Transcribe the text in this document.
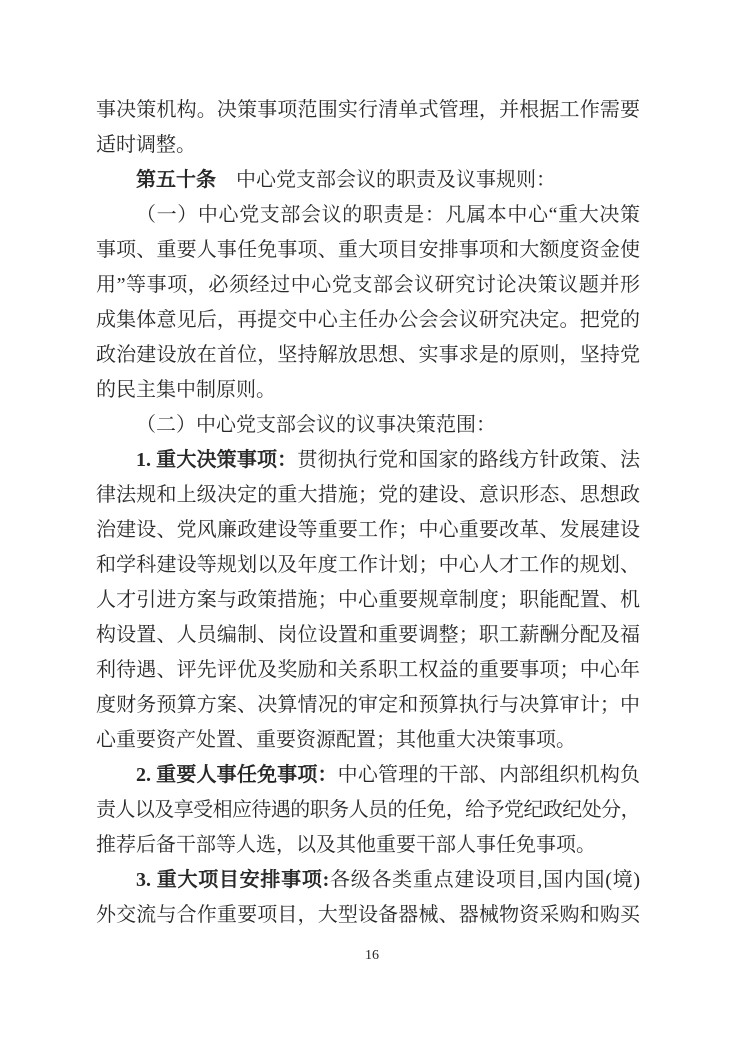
事决策机构。决策事项范围实行清单式管理，并根据工作需要
适时调整。
第五十条　中心党支部会议的职责及议事规则：
（一）中心党支部会议的职责是：凡属本中心“重大决策
事项、重要人事任免事项、重大项目安排事项和大额度资金使
用”等事项，必须经过中心党支部会议研究讨论决策议题并形
成集体意见后，再提交中心主任办公会会议研究决定。把党的
政治建设放在首位，坚持解放思想、实事求是的原则，坚持党
的民主集中制原则。
（二）中心党支部会议的议事决策范围：
1. 重大决策事项：贯彻执行党和国家的路线方针政策、法
律法规和上级决定的重大措施；党的建设、意识形态、思想政
治建设、党风廉政建设等重要工作；中心重要改革、发展建设
和学科建设等规划以及年度工作计划；中心人才工作的规划、
人才引进方案与政策措施；中心重要规章制度；职能配置、机
构设置、人员编制、岗位设置和重要调整；职工薪酬分配及福
利待遇、评先评优及奖励和关系职工权益的重要事项；中心年
度财务预算方案、决算情况的审定和预算执行与决算审计；中
心重要资产处置、重要资源配置；其他重大决策事项。
2. 重要人事任免事项：中心管理的干部、内部组织机构负
责人以及享受相应待遇的职务人员的任免，给予党纪政纪处分，
推荐后备干部等人选，以及其他重要干部人事任免事项。
3. 重大项目安排事项:各级各类重点建设项目,国内国(境)
外交流与合作重要项目，大型设备器械、器械物资采购和购买
16
